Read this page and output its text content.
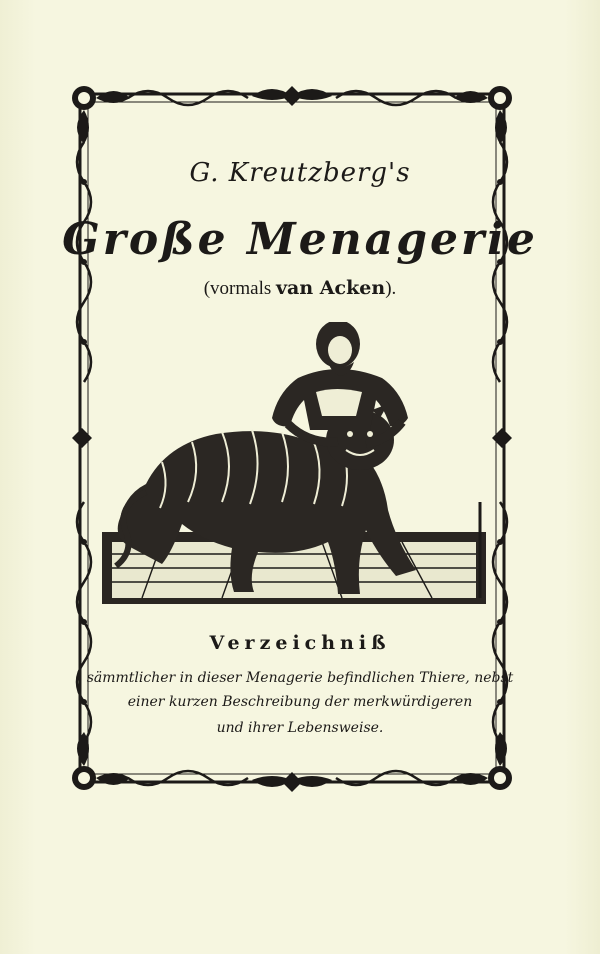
G. Kreutzberg's
Große Menagerie
(vormals van Acken).
Verzeichniß
sämmtlicher in dieser Menagerie befindlichen Thiere, nebst
einer kurzen Beschreibung der merkwürdigeren
und ihrer Lebensweise.
